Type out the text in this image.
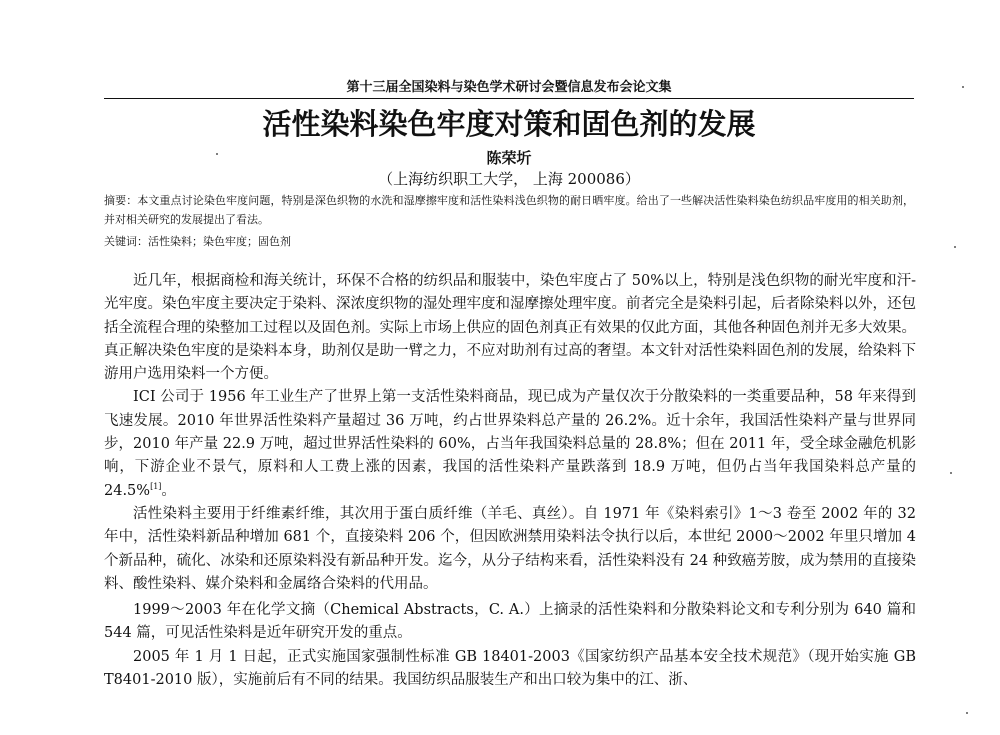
第十三届全国染料与染色学术研讨会暨信息发布会论文集
活性染料染色牢度对策和固色剂的发展
陈荣圻
（上海纺织职工大学， 上海 200086）
摘要：本文重点讨论染色牢度问题，特别是深色织物的水洗和湿摩擦牢度和活性染料浅色织物的耐日晒牢度。给出了一些解决活性染料染色纺织品牢度用的相关助剂，并对相关研究的发展提出了看法。
关键词：活性染料；染色牢度；固色剂

近几年，根据商检和海关统计，环保不合格的纺织品和服装中，染色牢度占了 50%以上，特别是浅色织物的耐光牢度和汗-光牢度。染色牢度主要决定于染料、深浓度织物的湿处理牢度和湿摩擦处理牢度。前者完全是染料引起，后者除染料以外，还包括全流程合理的染整加工过程以及固色剂。实际上市场上供应的固色剂真正有效果的仅此方面，其他各种固色剂并无多大效果。真正解决染色牢度的是染料本身，助剂仅是助一臂之力，不应对助剂有过高的奢望。本文针对活性染料固色剂的发展，给染料下游用户选用染料一个方便。

ICI 公司于 1956 年工业生产了世界上第一支活性染料商品，现已成为产量仅次于分散染料的一类重要品种，58 年来得到飞速发展。2010 年世界活性染料产量超过 36 万吨，约占世界染料总产量的 26.2%。近十余年，我国活性染料产量与世界同步，2010 年产量 22.9 万吨，超过世界活性染料的 60%，占当年我国染料总量的 28.8%；但在 2011 年，受全球金融危机影响，下游企业不景气，原料和人工费上涨的因素，我国的活性染料产量跌落到 18.9 万吨，但仍占当年我国染料总产量的 24.5%[1]。

活性染料主要用于纤维素纤维，其次用于蛋白质纤维（羊毛、真丝）。自 1971 年《染料索引》1～3 卷至 2002 年的 32 年中，活性染料新品种增加 681 个，直接染料 206 个，但因欧洲禁用染料法令执行以后，本世纪 2000～2002 年里只增加 4 个新品种，硫化、冰染和还原染料没有新品种开发。迄今，从分子结构来看，活性染料没有 24 种致癌芳胺，成为禁用的直接染料、酸性染料、媒介染料和金属络合染料的代用品。

1999～2003 年在化学文摘（Chemical Abstracts，C. A.）上摘录的活性染料和分散染料论文和专利分别为 640 篇和 544 篇，可见活性染料是近年研究开发的重点。

2005 年 1 月 1 日起，正式实施国家强制性标准 GB 18401-2003《国家纺织产品基本安全技术规范》（现开始实施 GB T8401-2010 版），实施前后有不同的结果。我国纺织品服装生产和出口较为集中的江、浙、
